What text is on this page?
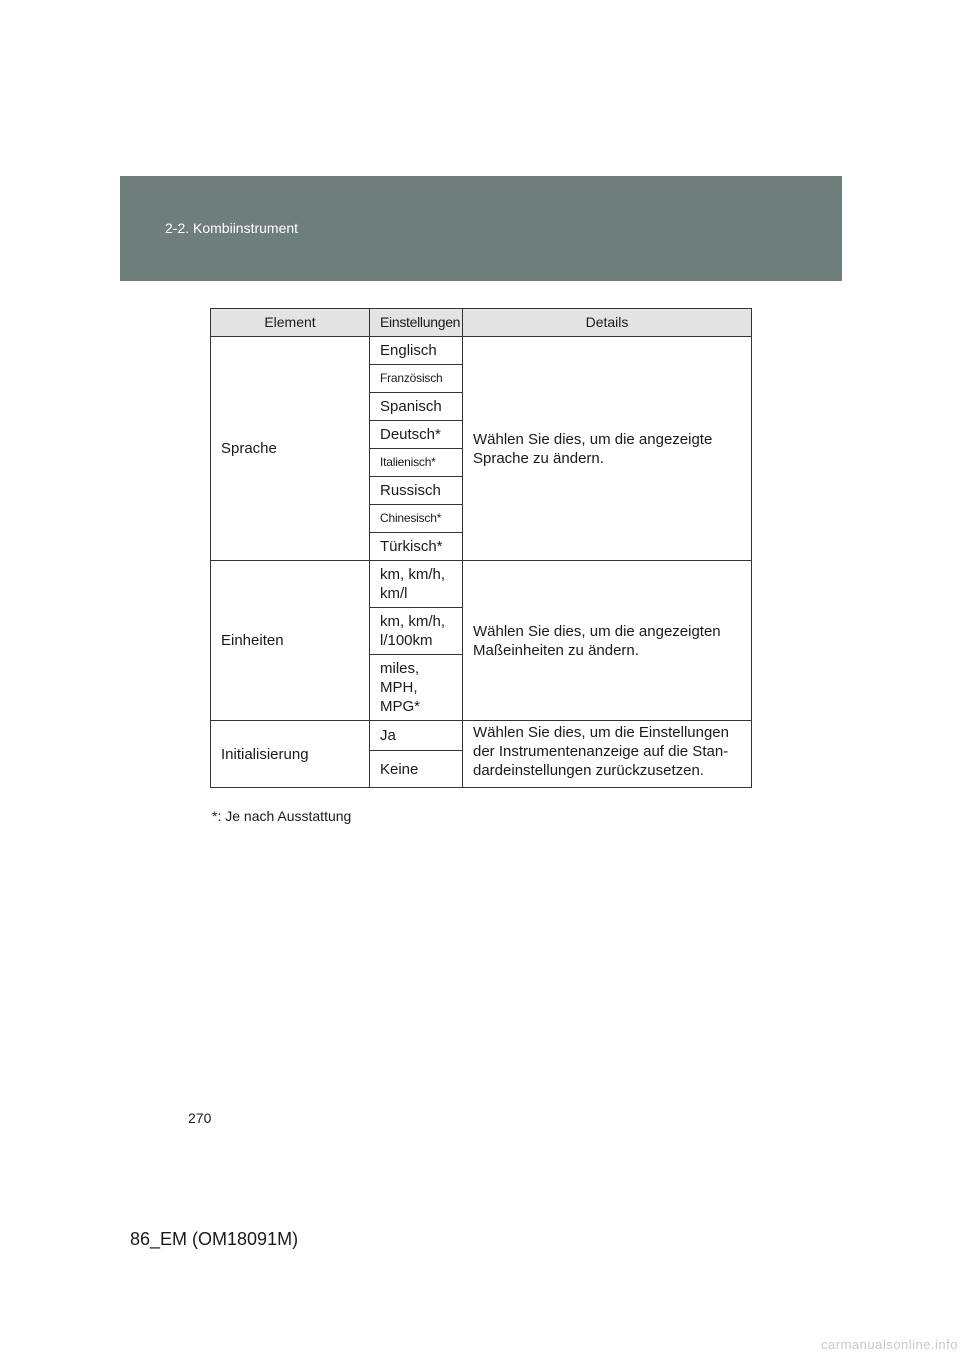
2-2. Kombiinstrument
Element	Einstellungen	Details
Sprache	Englisch	Wählen Sie dies, um die angezeigte Sprache zu ändern.
	Französisch	
	Spanisch	
	Deutsch*	
	Italienisch*	
	Russisch	
	Chinesisch*	
	Türkisch*	
Einheiten	km, km/h, km/l	Wählen Sie dies, um die angezeigten Maßeinheiten zu ändern.
	km, km/h, l/100km	
	miles, MPH, MPG*	
Initialisierung	Ja	Wählen Sie dies, um die Einstellungen der Instrumentenanzeige auf die Stan-dardeinstellungen zurückzusetzen.
	Keine	
*: Je nach Ausstattung
270
86_EM (OM18091M)
carmanualsonline.info
